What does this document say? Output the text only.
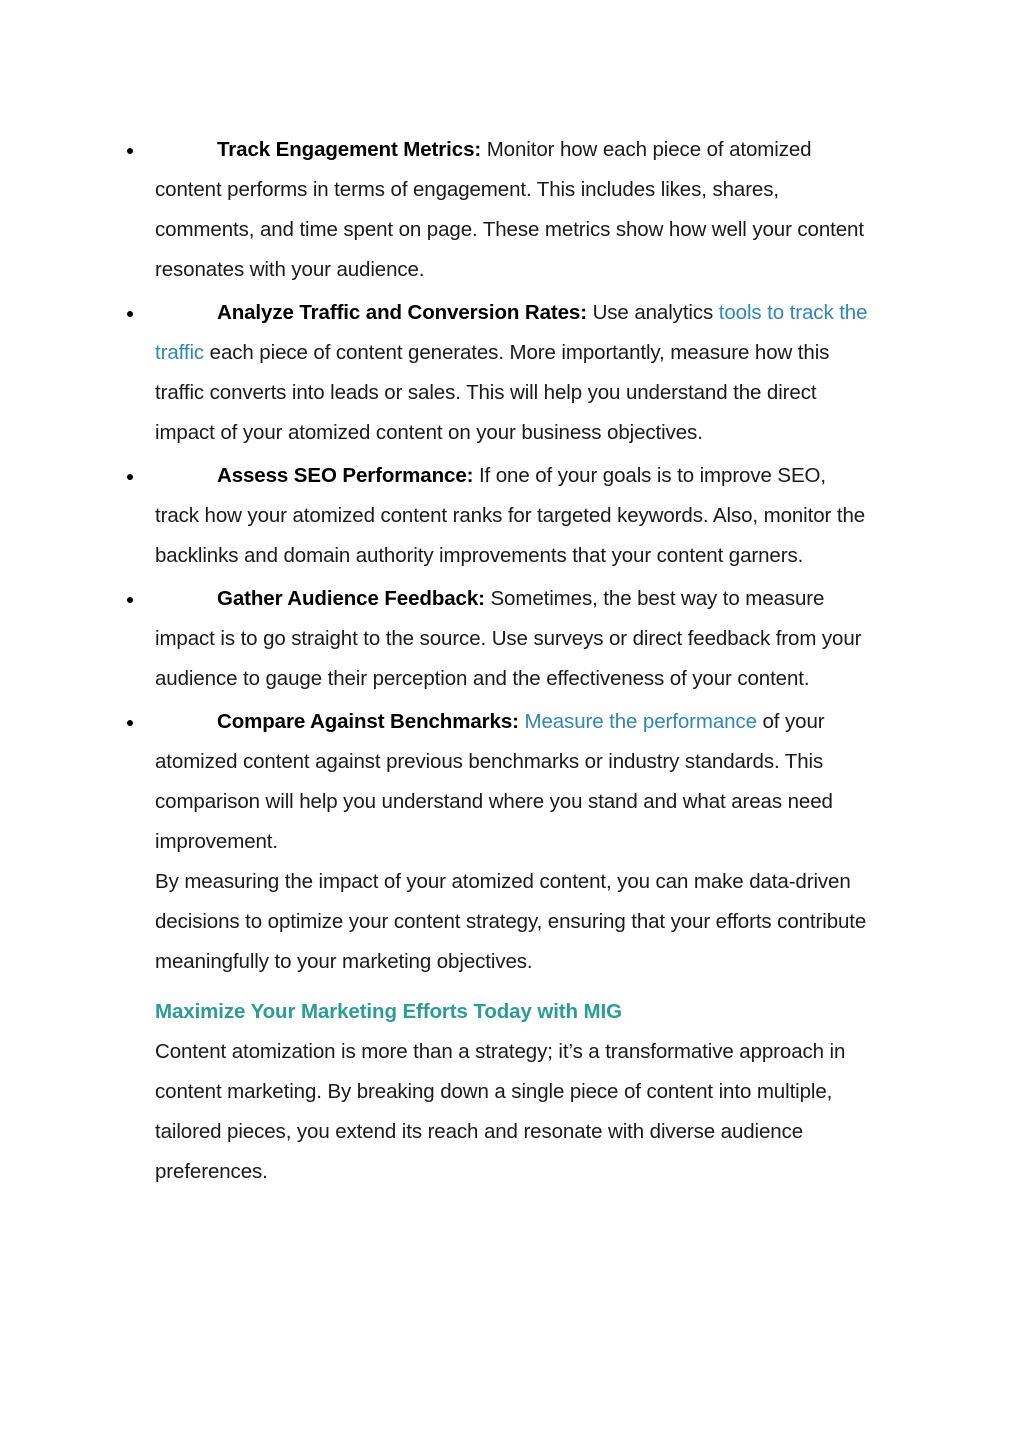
●	Track Engagement Metrics: Monitor how each piece of atomized content performs in terms of engagement. This includes likes, shares, comments, and time spent on page. These metrics show how well your content resonates with your audience.
●	Analyze Traffic and Conversion Rates: Use analytics tools to track the traffic each piece of content generates. More importantly, measure how this traffic converts into leads or sales. This will help you understand the direct impact of your atomized content on your business objectives.
●	Assess SEO Performance: If one of your goals is to improve SEO, track how your atomized content ranks for targeted keywords. Also, monitor the backlinks and domain authority improvements that your content garners.
●	Gather Audience Feedback: Sometimes, the best way to measure impact is to go straight to the source. Use surveys or direct feedback from your audience to gauge their perception and the effectiveness of your content.
●	Compare Against Benchmarks: Measure the performance of your atomized content against previous benchmarks or industry standards. This comparison will help you understand where you stand and what areas need improvement.

By measuring the impact of your atomized content, you can make data-driven decisions to optimize your content strategy, ensuring that your efforts contribute meaningfully to your marketing objectives.

Maximize Your Marketing Efforts Today with MIG

Content atomization is more than a strategy; it’s a transformative approach in content marketing. By breaking down a single piece of content into multiple, tailored pieces, you extend its reach and resonate with diverse audience preferences.
